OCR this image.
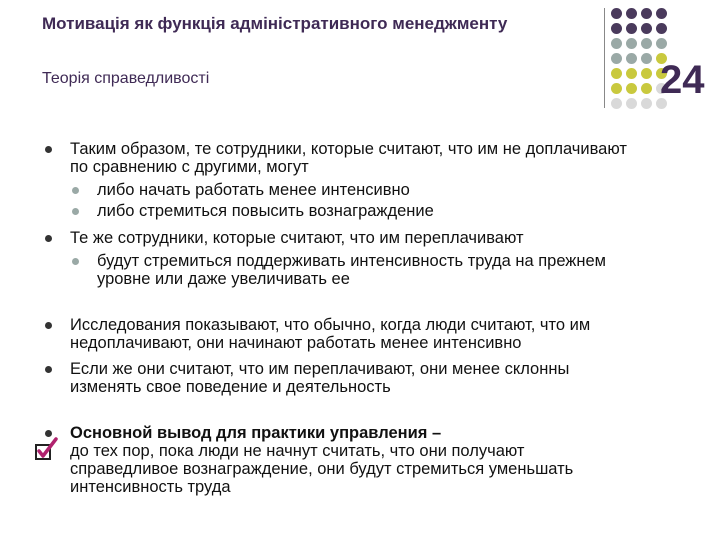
Мотивація як функція адміністративного менеджменту
Теорія справедливості	24
Таким образом, те сотрудники, которые считают, что им не доплачивают по сравнению с другими, могут
либо начать работать менее интенсивно
либо стремиться повысить вознаграждение
Те же сотрудники, которые считают, что им переплачивают
будут стремиться поддерживать интенсивность труда на прежнем уровне или даже увеличивать ее
Исследования показывают, что обычно, когда люди считают, что им недоплачивают, они начинают работать менее интенсивно
Если же они считают, что им переплачивают, они менее склонны изменять свое поведение и деятельность
Основной вывод для практики управления –
до тех пор, пока люди не начнут считать, что они получают справедливое вознаграждение, они будут стремиться уменьшать интенсивность труда
